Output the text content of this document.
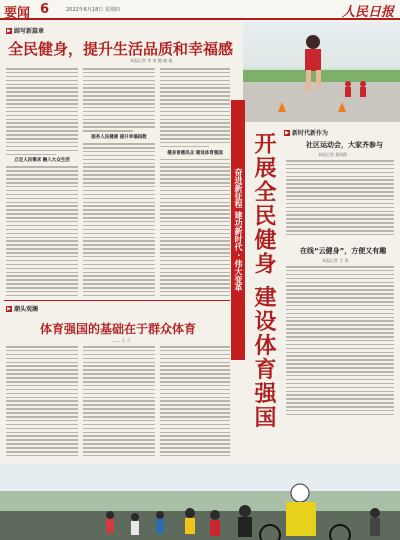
要闻 6	2022年6月18日 星期四	人民日报
▶ 踔写新篇章
全民健身，提升生活品质和幸福感
本报记者 李 家 鲍 晓 倩
立足人民需求 融入大众生活
服务人民健康 提升幸福指数
健身普惠民众 建设体育强国
奋进新征程 建功新时代 · 伟大变革 开展全民健身 建设体育强国	▶ 新时代新作为
社区运动会，大家齐参与
本报记者 郑海鸥
在线“云健身”，方便又有趣
本报记者 王 男
▶ 潮头观澜
体育强国的基础在于群众体育
—— 王 立
